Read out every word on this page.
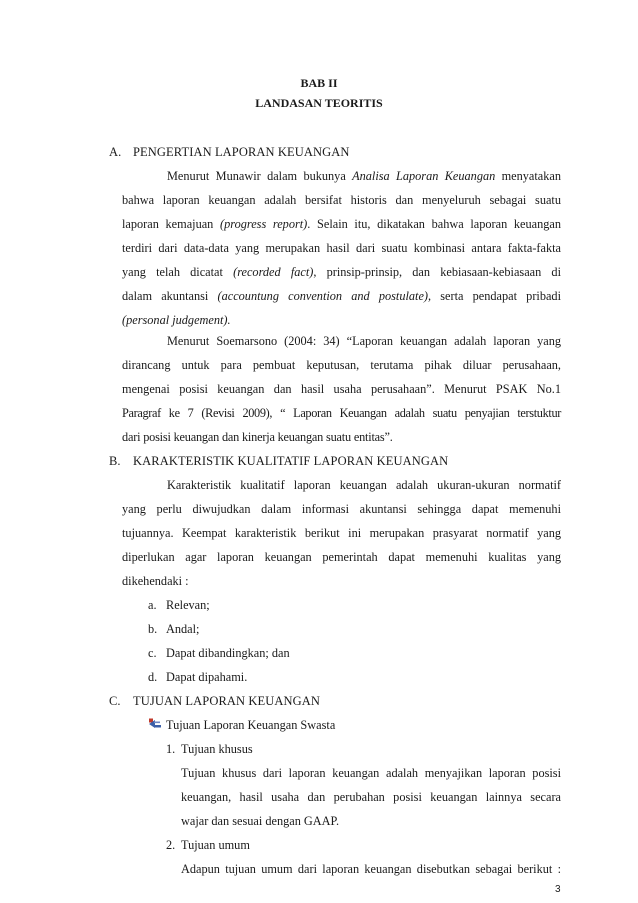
BAB II
LANDASAN TEORITIS
A. PENGERTIAN LAPORAN KEUANGAN
Menurut Munawir dalam bukunya Analisa Laporan Keuangan menyatakan
bahwa laporan keuangan adalah bersifat historis dan menyeluruh sebagai suatu
laporan kemajuan (progress report). Selain itu, dikatakan bahwa laporan keuangan
terdiri dari data-data yang merupakan hasil dari suatu kombinasi antara fakta-fakta
yang telah dicatat (recorded fact), prinsip-prinsip, dan kebiasaan-kebiasaan di
dalam akuntansi (accountung convention and postulate), serta pendapat pribadi
(personal judgement).
Menurut Soemarsono (2004: 34) “Laporan keuangan adalah laporan yang
dirancang untuk para pembuat keputusan, terutama pihak diluar perusahaan,
mengenai posisi keuangan dan hasil usaha perusahaan”. Menurut PSAK No.1
Paragraf ke 7 (Revisi 2009), “ Laporan Keuangan adalah suatu penyajian terstuktur
dari posisi keuangan dan kinerja keuangan suatu entitas”.
B. KARAKTERISTIK KUALITATIF LAPORAN KEUANGAN
Karakteristik kualitatif laporan keuangan adalah ukuran-ukuran normatif
yang perlu diwujudkan dalam informasi akuntansi sehingga dapat memenuhi
tujuannya. Keempat karakteristik berikut ini merupakan prasyarat normatif yang
diperlukan agar laporan keuangan pemerintah dapat memenuhi kualitas yang
dikehendaki :
a. Relevan;
b. Andal;
c. Dapat dibandingkan; dan
d. Dapat dipahami.
C. TUJUAN LAPORAN KEUANGAN
Tujuan Laporan Keuangan Swasta
1. Tujuan khusus
Tujuan khusus dari laporan keuangan adalah menyajikan laporan posisi
keuangan, hasil usaha dan perubahan posisi keuangan lainnya secara
wajar dan sesuai dengan GAAP.
2. Tujuan umum
Adapun tujuan umum dari laporan keuangan disebutkan sebagai berikut :
3
